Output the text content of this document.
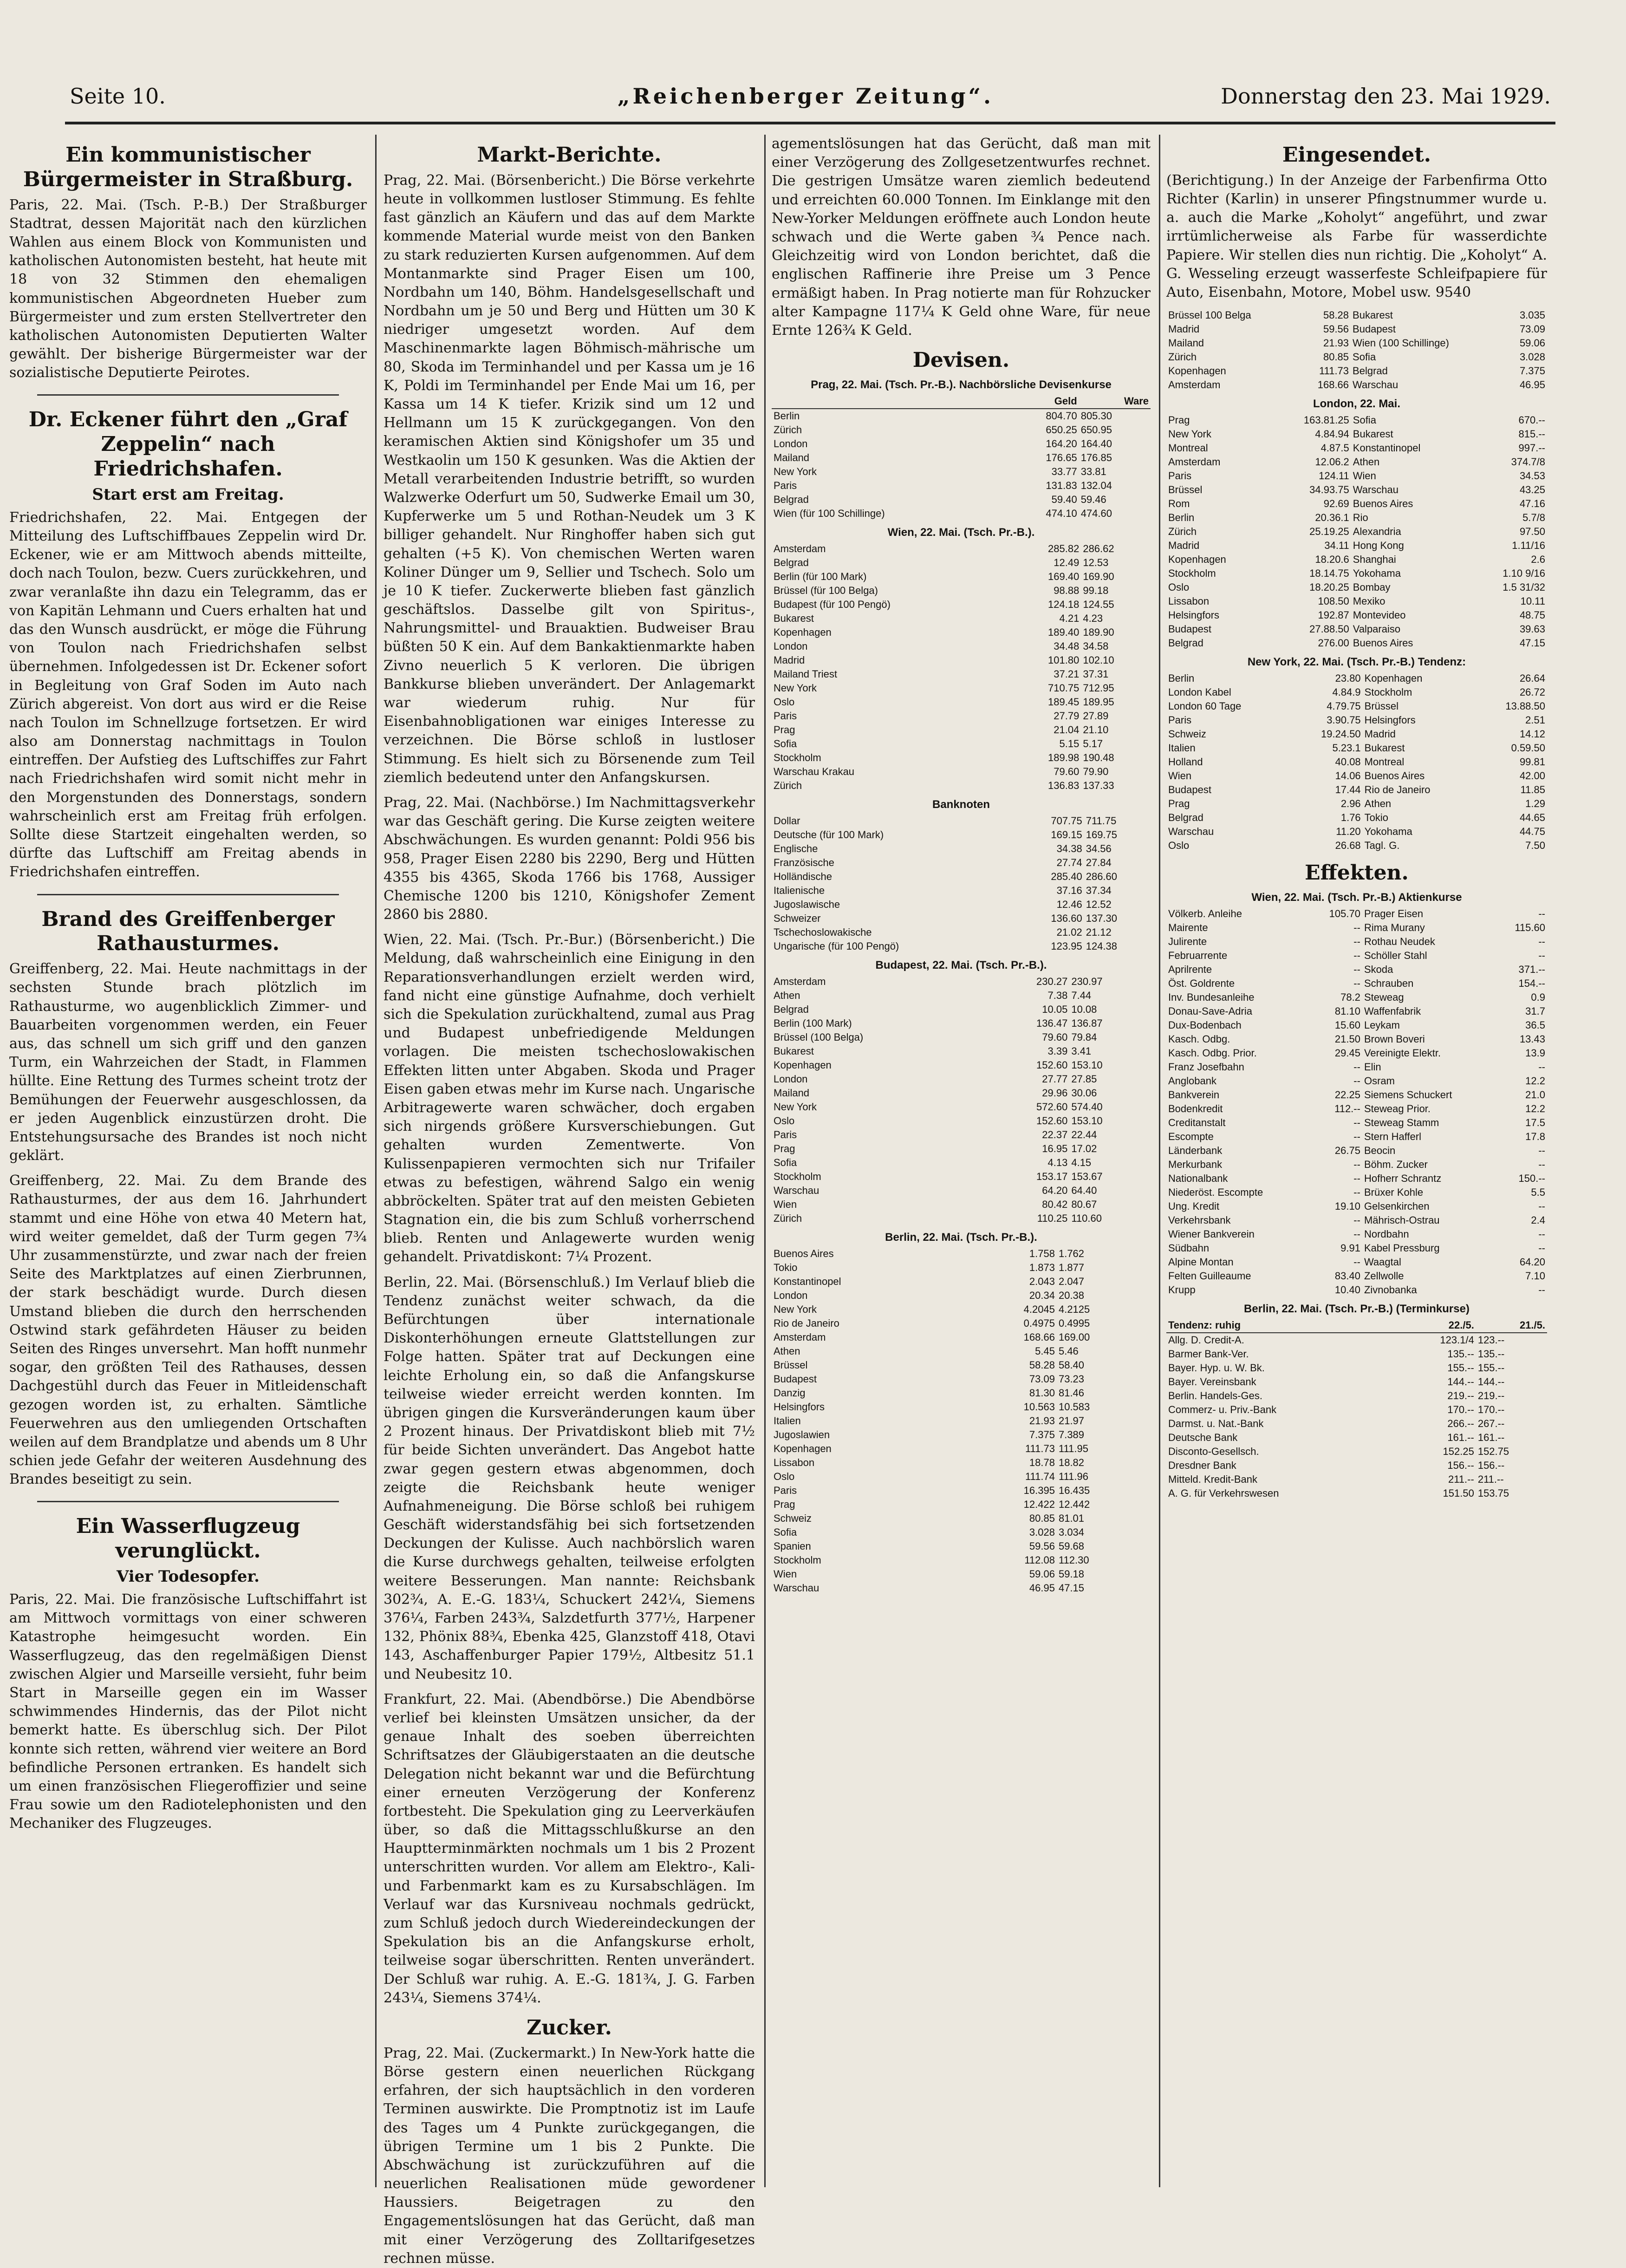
Seite 10.	„Reichenberger Zeitung“.	Donnerstag den 23. Mai 1929.
Ein kommunistischer Bürgermeister in Straßburg.

Paris, 22. Mai. (Tsch. P.-B.) Der Straßburger Stadtrat, dessen Majorität nach den kürzlichen Wahlen aus einem Block von Kommunisten und katholischen Autonomisten besteht, hat heute mit 18 von 32 Stimmen den ehemaligen kommunistischen Abgeordneten Hueber zum Bürgermeister und zum ersten Stellvertreter den katholischen Autonomisten Deputierten Walter gewählt. Der bisherige Bürgermeister war der sozialistische Deputierte Peirotes.

Dr. Eckener führt den „Graf Zeppelin“ nach Friedrichshafen.
Start erst am Freitag.

Friedrichshafen, 22. Mai. Entgegen der Mitteilung des Luftschiffbaues Zeppelin wird Dr. Eckener, wie er am Mittwoch abends mitteilte, doch nach Toulon, bezw. Cuers zurückkehren, und zwar veranlaßte ihn dazu ein Telegramm, das er von Kapitän Lehmann und Cuers erhalten hat und das den Wunsch ausdrückt, er möge die Führung von Toulon nach Friedrichshafen selbst übernehmen. Infolgedessen ist Dr. Eckener sofort in Begleitung von Graf Soden im Auto nach Zürich abgereist. Von dort aus wird er die Reise nach Toulon im Schnellzuge fortsetzen. Er wird also am Donnerstag nachmittags in Toulon eintreffen. Der Aufstieg des Luftschiffes zur Fahrt nach Friedrichshafen wird somit nicht mehr in den Morgenstunden des Donnerstags, sondern wahrscheinlich erst am Freitag früh erfolgen. Sollte diese Startzeit eingehalten werden, so dürfte das Luftschiff am Freitag abends in Friedrichshafen eintreffen.

Brand des Greiffenberger Rathausturmes.

Greiffenberg, 22. Mai. Heute nachmittags in der sechsten Stunde brach plötzlich im Rathausturme, wo augenblicklich Zimmer- und Bauarbeiten vorgenommen werden, ein Feuer aus, das schnell um sich griff und den ganzen Turm, ein Wahrzeichen der Stadt, in Flammen hüllte. Eine Rettung des Turmes scheint trotz der Bemühungen der Feuerwehr ausgeschlossen, da er jeden Augenblick einzustürzen droht. Die Entstehungsursache des Brandes ist noch nicht geklärt.

Greiffenberg, 22. Mai. Zu dem Brande des Rathausturmes, der aus dem 16. Jahrhundert stammt und eine Höhe von etwa 40 Metern hat, wird weiter gemeldet, daß der Turm gegen 7¾ Uhr zusammenstürzte, und zwar nach der freien Seite des Marktplatzes auf einen Zierbrunnen, der stark beschädigt wurde. Durch diesen Umstand blieben die durch den herrschenden Ostwind stark gefährdeten Häuser zu beiden Seiten des Ringes unversehrt. Man hofft nunmehr sogar, den größten Teil des Rathauses, dessen Dachgestühl durch das Feuer in Mitleidenschaft gezogen worden ist, zu erhalten. Sämtliche Feuerwehren aus den umliegenden Ortschaften weilen auf dem Brandplatze und abends um 8 Uhr schien jede Gefahr der weiteren Ausdehnung des Brandes beseitigt zu sein.

Ein Wasserflugzeug verunglückt.
Vier Todesopfer.

Paris, 22. Mai. Die französische Luftschiffahrt ist am Mittwoch vormittags von einer schweren Katastrophe heimgesucht worden. Ein Wasserflugzeug, das den regelmäßigen Dienst zwischen Algier und Marseille versieht, fuhr beim Start in Marseille gegen ein im Wasser schwimmendes Hindernis, das der Pilot nicht bemerkt hatte. Es überschlug sich. Der Pilot konnte sich retten, während vier weitere an Bord befindliche Personen ertranken. Es handelt sich um einen französischen Fliegeroffizier und seine Frau sowie um den Radiotelephonisten und den Mechaniker des Flugzeuges.

Markt-Berichte.

Prag, 22. Mai. (Börsenbericht.) Die Börse verkehrte heute in vollkommen lustloser Stimmung. Es fehlte fast gänzlich an Käufern und das auf dem Markte kommende Material wurde meist von den Banken zu stark reduzierten Kursen aufgenommen. Auf dem Montanmarkte sind Prager Eisen um 100, Nordbahn um 140, Böhm. Handelsgesellschaft und Nordbahn um je 50 und Berg und Hütten um 30 K niedriger umgesetzt worden. Auf dem Maschinenmarkte lagen Böhmisch-mährische um 80, Skoda im Terminhandel und per Kassa um je 16 K, Poldi im Terminhandel per Ende Mai um 16, per Kassa um 14 K tiefer. Krizik sind um 12 und Hellmann um 15 K zurückgegangen. Von den keramischen Aktien sind Königshofer um 35 und Westkaolin um 150 K gesunken. Was die Aktien der Metall verarbeitenden Industrie betrifft, so wurden Walzwerke Oderfurt um 50, Sudwerke Email um 30, Kupferwerke um 5 und Rothan-Neudek um 3 K billiger gehandelt. Nur Ringhoffer haben sich gut gehalten (+5 K). Von chemischen Werten waren Koliner Dünger um 9, Sellier und Tschech. Solo um je 10 K tiefer. Zuckerwerte blieben fast gänzlich geschäftslos. Dasselbe gilt von Spiritus-, Nahrungsmittel- und Brauaktien. Budweiser Brau büßten 50 K ein. Auf dem Bankaktienmarkte haben Zivno neuerlich 5 K verloren. Die übrigen Bankkurse blieben unverändert. Der Anlagemarkt war wiederum ruhig. Nur für Eisenbahnobligationen war einiges Interesse zu verzeichnen. Die Börse schloß in lustloser Stimmung. Es hielt sich zu Börsenende zum Teil ziemlich bedeutend unter den Anfangskursen.

Prag, 22. Mai. (Nachbörse.) Im Nachmittagsverkehr war das Geschäft gering. Die Kurse zeigten weitere Abschwächungen. Es wurden genannt: Poldi 956 bis 958, Prager Eisen 2280 bis 2290, Berg und Hütten 4355 bis 4365, Skoda 1766 bis 1768, Aussiger Chemische 1200 bis 1210, Königshofer Zement 2860 bis 2880.

Wien, 22. Mai. (Tsch. Pr.-Bur.) (Börsenbericht.) Die Meldung, daß wahrscheinlich eine Einigung in den Reparationsverhandlungen erzielt werden wird, fand nicht eine günstige Aufnahme, doch verhielt sich die Spekulation zurückhaltend, zumal aus Prag und Budapest unbefriedigende Meldungen vorlagen. Die meisten tschechoslowakischen Effekten litten unter Abgaben. Skoda und Prager Eisen gaben etwas mehr im Kurse nach. Ungarische Arbitragewerte waren schwächer, doch ergaben sich nirgends größere Kursverschiebungen. Gut gehalten wurden Zementwerte. Von Kulissenpapieren vermochten sich nur Trifailer etwas zu befestigen, während Salgo ein wenig abbröckelten. Später trat auf den meisten Gebieten Stagnation ein, die bis zum Schluß vorherrschend blieb. Renten und Anlagewerte wurden wenig gehandelt. Privatdiskont: 7¼ Prozent.

Berlin, 22. Mai. (Börsenschluß.) Im Verlauf blieb die Tendenz zunächst weiter schwach, da die Befürchtungen über internationale Diskonterhöhungen erneute Glattstellungen zur Folge hatten. Später trat auf Deckungen eine leichte Erholung ein, so daß die Anfangskurse teilweise wieder erreicht werden konnten. Im übrigen gingen die Kursveränderungen kaum über 2 Prozent hinaus. Der Privatdiskont blieb mit 7½ für beide Sichten unverändert. Das Angebot hatte zwar gegen gestern etwas abgenommen, doch zeigte die Reichsbank heute weniger Aufnahmeneigung. Die Börse schloß bei ruhigem Geschäft widerstandsfähig bei sich fortsetzenden Deckungen der Kulisse. Auch nachbörslich waren die Kurse durchwegs gehalten, teilweise erfolgten weitere Besserungen. Man nannte: Reichsbank 302¾, A. E.-G. 183¼, Schuckert 242¼, Siemens 376¼, Farben 243¾, Salzdetfurth 377½, Harpener 132, Phönix 88¾, Ebenka 425, Glanzstoff 418, Otavi 143, Aschaffenburger Papier 179½, Altbesitz 51.1 und Neubesitz 10.

Frankfurt, 22. Mai. (Abendbörse.) Die Abendbörse verlief bei kleinsten Umsätzen unsicher, da der genaue Inhalt des soeben überreichten Schriftsatzes der Gläubigerstaaten an die deutsche Delegation nicht bekannt war und die Befürchtung einer erneuten Verzögerung der Konferenz fortbesteht. Die Spekulation ging zu Leerverkäufen über, so daß die Mittagsschlußkurse an den Hauptterminmärkten nochmals um 1 bis 2 Prozent unterschritten wurden. Vor allem am Elektro-, Kali- und Farbenmarkt kam es zu Kursabschlägen. Im Verlauf war das Kursniveau nochmals gedrückt, zum Schluß jedoch durch Wiedereindeckungen der Spekulation bis an die Anfangskurse erholt, teilweise sogar überschritten. Renten unverändert. Der Schluß war ruhig. A. E.-G. 181¾, J. G. Farben 243¼, Siemens 374¼.

Zucker.

Prag, 22. Mai. (Zuckermarkt.) In New-York hatte die Börse gestern einen neuerlichen Rückgang erfahren, der sich hauptsächlich in den vorderen Terminen auswirkte. Die Promptnotiz ist im Laufe des Tages um 4 Punkte zurückgegangen, die übrigen Termine um 1 bis 2 Punkte. Die Abschwächung ist zurückzuführen auf die neuerlichen Realisationen müde gewordener Haussiers. Beigetragen zu den Engagementslösungen hat das Gerücht, daß man mit einer Verzögerung des Zolltarifgesetzes rechnen müsse.

agementslösungen hat das Gerücht, daß man mit einer Verzögerung des Zollgesetzentwurfes rechnet. Die gestrigen Umsätze waren ziemlich bedeutend und erreichten 60.000 Tonnen. Im Einklange mit den New-Yorker Meldungen eröffnete auch London heute schwach und die Werte gaben ¾ Pence nach. Gleichzeitig wird von London berichtet, daß die englischen Raffinerie ihre Preise um 3 Pence ermäßigt haben. In Prag notierte man für Rohzucker alter Kampagne 117¼ K Geld ohne Ware, für neue Ernte 126¾ K Geld.

Devisen.
Prag, 22. Mai. (Tsch. Pr.-B.). Nachbörsliche Devisenkurse
	Geld	Ware
Berlin	804.70	805.30
Zürich	650.25	650.95
London	164.20	164.40
Mailand	176.65	176.85
New York	33.77	33.81
Paris	131.83	132.04
Belgrad	59.40	59.46
Wien (für 100 Schillinge)	474.10	474.60
Wien, 22. Mai. (Tsch. Pr.-B.).
Amsterdam	285.82	286.62
Belgrad	12.49	12.53
Berlin (für 100 Mark)	169.40	169.90
Brüssel (für 100 Belga)	98.88	99.18
Budapest (für 100 Pengö)	124.18	124.55
Bukarest	4.21	4.23
Kopenhagen	189.40	189.90
London	34.48	34.58
Madrid	101.80	102.10
Mailand Triest	37.21	37.31
New York	710.75	712.95
Oslo	189.45	189.95
Paris	27.79	27.89
Prag	21.04	21.10
Sofia	5.15	5.17
Stockholm	189.98	190.48
Warschau Krakau	79.60	79.90
Zürich	136.83	137.33
Banknoten
Dollar	707.75	711.75
Deutsche (für 100 Mark)	169.15	169.75
Englische	34.38	34.56
Französische	27.74	27.84
Holländische	285.40	286.60
Italienische	37.16	37.34
Jugoslawische	12.46	12.52
Schweizer	136.60	137.30
Tschechoslowakische	21.02	21.12
Ungarische (für 100 Pengö)	123.95	124.38
Budapest, 22. Mai. (Tsch. Pr.-B.).
Amsterdam	230.27	230.97
Athen	7.38	7.44
Belgrad	10.05	10.08
Berlin (100 Mark)	136.47	136.87
Brüssel (100 Belga)	79.60	79.84
Bukarest	3.39	3.41
Kopenhagen	152.60	153.10
London	27.77	27.85
Mailand	29.96	30.06
New York	572.60	574.40
Oslo	152.60	153.10
Paris	22.37	22.44
Prag	16.95	17.02
Sofia	4.13	4.15
Stockholm	153.17	153.67
Warschau	64.20	64.40
Wien	80.42	80.67
Zürich	110.25	110.60
Berlin, 22. Mai. (Tsch. Pr.-B.).
Buenos Aires	1.758	1.762
Tokio	1.873	1.877
Konstantinopel	2.043	2.047
London	20.34	20.38
New York	4.2045	4.2125
Rio de Janeiro	0.4975	0.4995
Amsterdam	168.66	169.00
Athen	5.45	5.46
Brüssel	58.28	58.40
Budapest	73.09	73.23
Danzig	81.30	81.46
Helsingfors	10.563	10.583
Italien	21.93	21.97
Jugoslawien	7.375	7.389
Kopenhagen	111.73	111.95
Lissabon	18.78	18.82
Oslo	111.74	111.96
Paris	16.395	16.435
Prag	12.422	12.442
Schweiz	80.85	81.01
Sofia	3.028	3.034
Spanien	59.56	59.68
Stockholm	112.08	112.30
Wien	59.06	59.18
Warschau	46.95	47.15
Eingesendet.

(Berichtigung.) In der Anzeige der Farbenfirma Otto Richter (Karlin) in unserer Pfingstnummer wurde u. a. auch die Marke „Koholyt“ angeführt, und zwar irrtümlicherweise als Farbe für wasserdichte Papiere. Wir stellen dies nun richtig. Die „Koholyt“ A. G. Wesseling erzeugt wasserfeste Schleifpapiere für Auto, Eisenbahn, Motore, Mobel usw. 9540

Brüssel 100 Belga	58.28	Bukarest	3.035
Madrid	59.56	Budapest	73.09
Mailand	21.93	Wien (100 Schillinge)	59.06
Zürich	80.85	Sofia	3.028
Kopenhagen	111.73	Belgrad	7.375
Amsterdam	168.66	Warschau	46.95
London, 22. Mai.
Prag	163.81.25	Sofia	670.--
New York	4.84.94	Bukarest	815.--
Montreal	4.87.5	Konstantinopel	997.--
Amsterdam	12.06.2	Athen	374.7/8
Paris	124.11	Wien	34.53
Brüssel	34.93.75	Warschau	43.25
Rom	92.69	Buenos Aires	47.16
Berlin	20.36.1	Rio	5.7/8
Zürich	25.19.25	Alexandria	97.50
Madrid	34.11	Hong Kong	1.11/16
Kopenhagen	18.20.6	Shanghai	2.6
Stockholm	18.14.75	Yokohama	1.10 9/16
Oslo	18.20.25	Bombay	1.5 31/32
Lissabon	108.50	Mexiko	10.11
Helsingfors	192.87	Montevideo	48.75
Budapest	27.88.50	Valparaiso	39.63
Belgrad	276.00	Buenos Aires	47.15
New York, 22. Mai. (Tsch. Pr.-B.) Tendenz:
Berlin	23.80	Kopenhagen	26.64
London Kabel	4.84.9	Stockholm	26.72
London 60 Tage	4.79.75	Brüssel	13.88.50
Paris	3.90.75	Helsingfors	2.51
Schweiz	19.24.50	Madrid	14.12
Italien	5.23.1	Bukarest	0.59.50
Holland	40.08	Montreal	99.81
Wien	14.06	Buenos Aires	42.00
Budapest	17.44	Rio de Janeiro	11.85
Prag	2.96	Athen	1.29
Belgrad	1.76	Tokio	44.65
Warschau	11.20	Yokohama	44.75
Oslo	26.68	Tagl. G.	7.50
Effekten.
Wien, 22. Mai. (Tsch. Pr.-B.) Aktienkurse
Völkerb. Anleihe	105.70	Prager Eisen	--
Mairente	--	Rima Murany	115.60
Julirente	--	Rothau Neudek	--
Februarrente	--	Schöller Stahl	--
Aprilrente	--	Skoda	371.--
Öst. Goldrente	--	Schrauben	154.--
Inv. Bundesanleihe	78.2	Steweag	0.9
Donau-Save-Adria	81.10	Waffenfabrik	31.7
Dux-Bodenbach	15.60	Leykam	36.5
Kasch. Odbg.	21.50	Brown Boveri	13.43
Kasch. Odbg. Prior.	29.45	Vereinigte Elektr.	13.9
Franz Josefbahn	--	Elin	--
Anglobank	--	Osram	12.2
Bankverein	22.25	Siemens Schuckert	21.0
Bodenkredit	112.--	Steweag Prior.	12.2
Creditanstalt	--	Steweag Stamm	17.5
Escompte	--	Stern Hafferl	17.8
Länderbank	26.75	Beocin	--
Merkurbank	--	Böhm. Zucker	--
Nationalbank	--	Hofherr Schrantz	150.--
Niederöst. Escompte	--	Brüxer Kohle	5.5
Ung. Kredit	19.10	Gelsenkirchen	--
Verkehrsbank	--	Mährisch-Ostrau	2.4
Wiener Bankverein	--	Nordbahn	--
Südbahn	9.91	Kabel Pressburg	--
Alpine Montan	--	Waagtal	64.20
Felten Guilleaume	83.40	Zellwolle	7.10
Krupp	10.40	Zivnobanka	--
Berlin, 22. Mai. (Tsch. Pr.-B.) (Terminkurse)
Tendenz: ruhig	22./5.	21./5.
Allg. D. Credit-A.	123.1/4	123.--
Barmer Bank-Ver.	135.--	135.--
Bayer. Hyp. u. W. Bk.	155.--	155.--
Bayer. Vereinsbank	144.--	144.--
Berlin. Handels-Ges.	219.--	219.--
Commerz- u. Priv.-Bank	170.--	170.--
Darmst. u. Nat.-Bank	266.--	267.--
Deutsche Bank	161.--	161.--
Disconto-Gesellsch.	152.25	152.75
Dresdner Bank	156.--	156.--
Mitteld. Kredit-Bank	211.--	211.--
A. G. für Verkehrswesen	151.50	153.75
